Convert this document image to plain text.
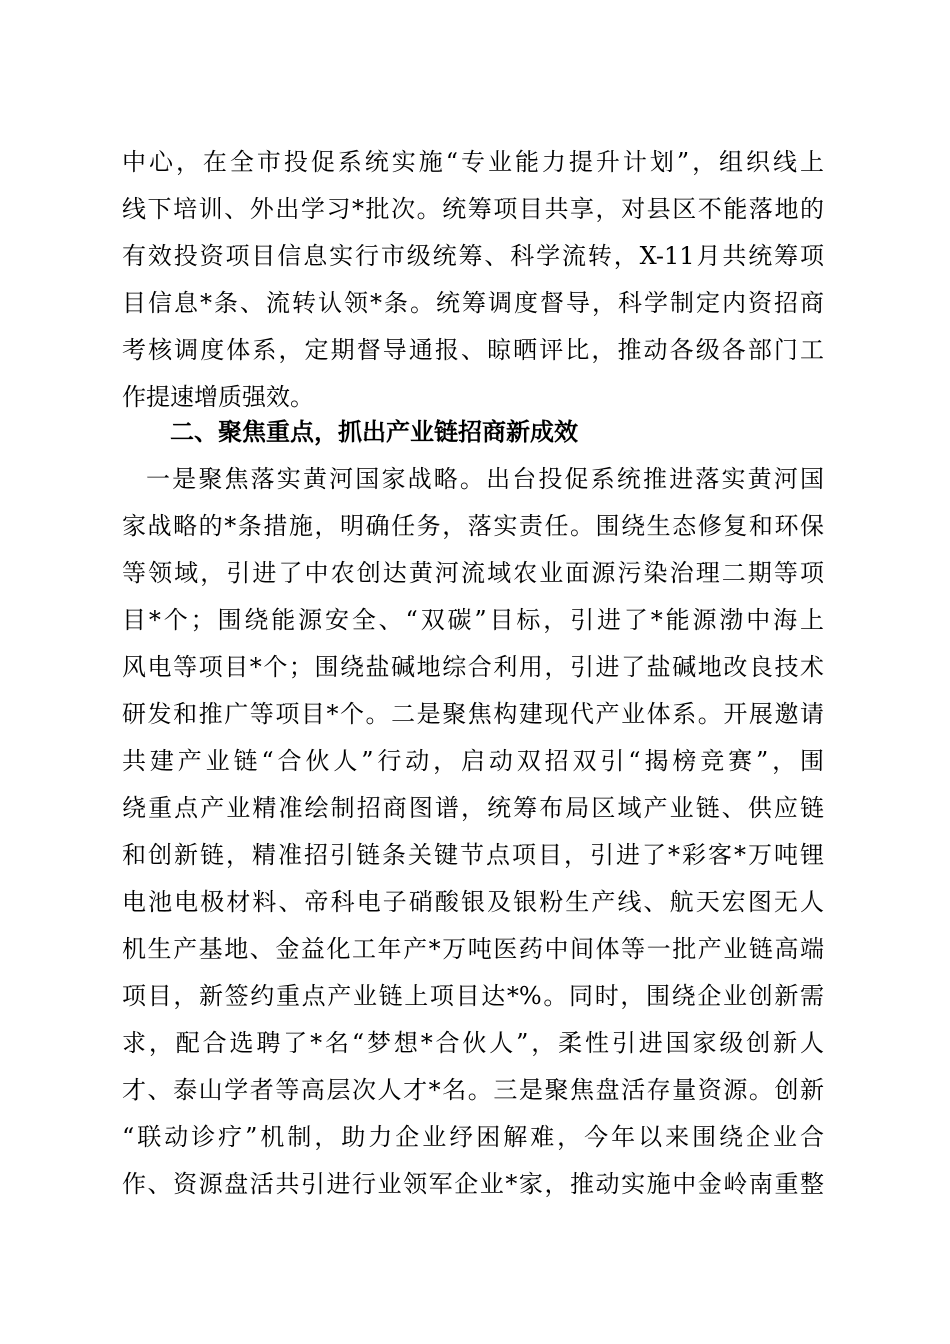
中心，在全市投促系统实施“专业能力提升计划”，组织线上
线下培训、外出学习*批次。统筹项目共享，对县区不能落地的
有效投资项目信息实行市级统筹、科学流转，X-11月共统筹项
目信息*条、流转认领*条。统筹调度督导，科学制定内资招商
考核调度体系，定期督导通报、晾晒评比，推动各级各部门工
作提速增质强效。
二、聚焦重点，抓出产业链招商新成效
一是聚焦落实黄河国家战略。出台投促系统推进落实黄河国
家战略的*条措施，明确任务，落实责任。围绕生态修复和环保
等领域，引进了中农创达黄河流域农业面源污染治理二期等项
目*个；围绕能源安全、“双碳”目标，引进了*能源渤中海上
风电等项目*个；围绕盐碱地综合利用，引进了盐碱地改良技术
研发和推广等项目*个。二是聚焦构建现代产业体系。开展邀请
共建产业链“合伙人”行动，启动双招双引“揭榜竞赛”，围
绕重点产业精准绘制招商图谱，统筹布局区域产业链、供应链
和创新链，精准招引链条关键节点项目，引进了*彩客*万吨锂
电池电极材料、帝科电子硝酸银及银粉生产线、航天宏图无人
机生产基地、金益化工年产*万吨医药中间体等一批产业链高端
项目，新签约重点产业链上项目达*%。同时，围绕企业创新需
求，配合选聘了*名“梦想*合伙人”，柔性引进国家级创新人
才、泰山学者等高层次人才*名。三是聚焦盘活存量资源。创新
“联动诊疗”机制，助力企业纾困解难，今年以来围绕企业合
作、资源盘活共引进行业领军企业*家，推动实施中金岭南重整
